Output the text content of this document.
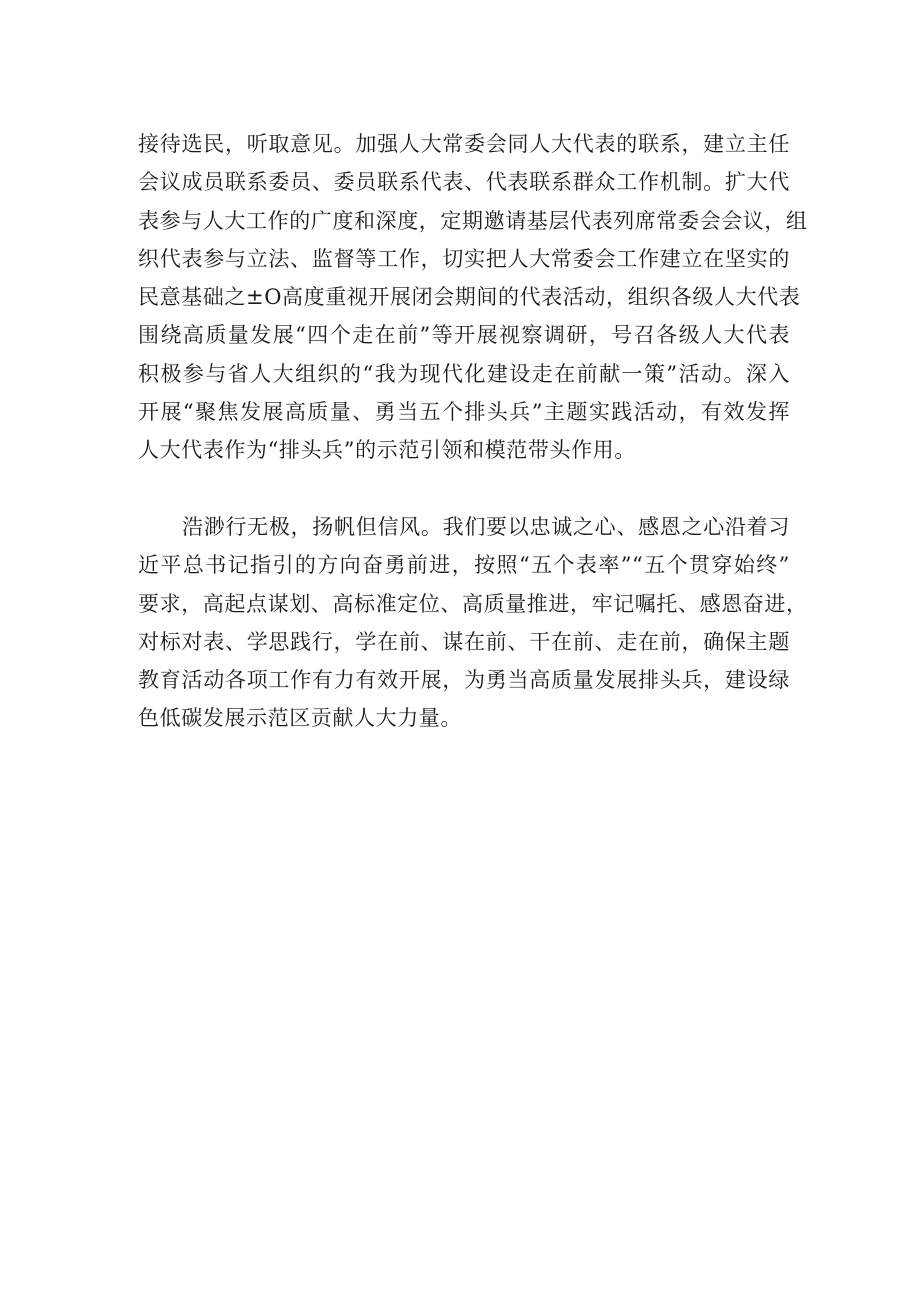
接待选民，听取意见。加强人大常委会同人大代表的联系，建立主任
会议成员联系委员、委员联系代表、代表联系群众工作机制。扩大代
表参与人大工作的广度和深度，定期邀请基层代表列席常委会会议，组
织代表参与立法、监督等工作，切实把人大常委会工作建立在坚实的
民意基础之±O高度重视开展闭会期间的代表活动，组织各级人大代表
围绕高质量发展“四个走在前”等开展视察调研，号召各级人大代表
积极参与省人大组织的“我为现代化建设走在前献一策”活动。深入
开展“聚焦发展高质量、勇当五个排头兵”主题实践活动，有效发挥
人大代表作为“排头兵”的示范引领和模范带头作用。
浩渺行无极，扬帆但信风。我们要以忠诚之心、感恩之心沿着习
近平总书记指引的方向奋勇前进，按照“五个表率”“五个贯穿始终”
要求，高起点谋划、高标准定位、高质量推进，牢记嘱托、感恩奋进，
对标对表、学思践行，学在前、谋在前、干在前、走在前，确保主题
教育活动各项工作有力有效开展，为勇当高质量发展排头兵，建设绿
色低碳发展示范区贡献人大力量。
